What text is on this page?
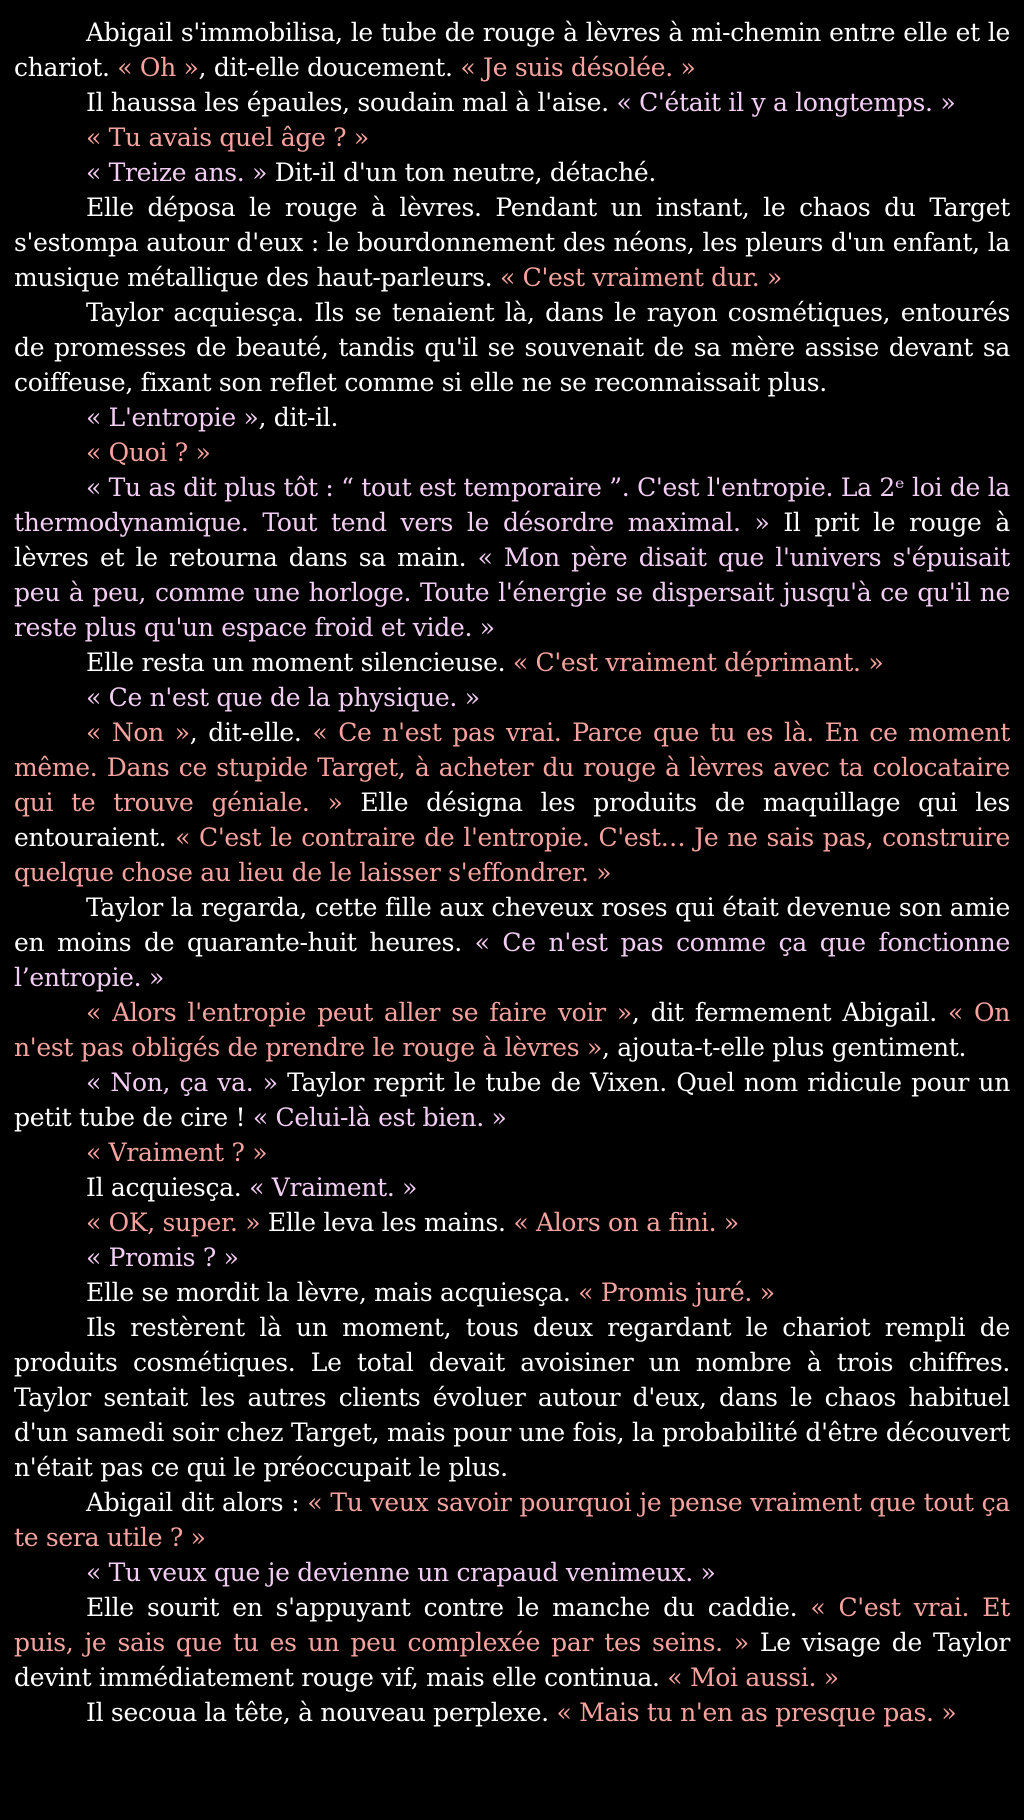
Abigail s'immobilisa, le tube de rouge à lèvres à mi-chemin entre elle et le chariot. « Oh », dit-elle doucement. « Je suis désolée. »

Il haussa les épaules, soudain mal à l'aise. « C'était il y a longtemps. »

« Tu avais quel âge ? »

« Treize ans. » Dit-il d'un ton neutre, détaché.

Elle déposa le rouge à lèvres. Pendant un instant, le chaos du Target s'estompa autour d'eux : le bourdonnement des néons, les pleurs d'un enfant, la musique métallique des haut-parleurs. « C'est vraiment dur. »

Taylor acquiesça. Ils se tenaient là, dans le rayon cosmétiques, entourés de promesses de beauté, tandis qu'il se souvenait de sa mère assise devant sa coiffeuse, fixant son reflet comme si elle ne se reconnaissait plus.

« L'entropie », dit-il.

« Quoi ? »

« Tu as dit plus tôt : “ tout est temporaire ”. C'est l'entropie. La 2ᵉ loi de la thermodynamique. Tout tend vers le désordre maximal. » Il prit le rouge à lèvres et le retourna dans sa main. « Mon père disait que l'univers s'épuisait peu à peu, comme une horloge. Toute l'énergie se dispersait jusqu'à ce qu'il ne reste plus qu'un espace froid et vide. »

Elle resta un moment silencieuse. « C'est vraiment déprimant. »

« Ce n'est que de la physique. »

« Non », dit-elle. « Ce n'est pas vrai. Parce que tu es là. En ce moment même. Dans ce stupide Target, à acheter du rouge à lèvres avec ta colocataire qui te trouve géniale. » Elle désigna les produits de maquillage qui les entouraient. « C'est le contraire de l'entropie. C'est… Je ne sais pas, construire quelque chose au lieu de le laisser s'effondrer. »

Taylor la regarda, cette fille aux cheveux roses qui était devenue son amie en moins de quarante-huit heures. « Ce n'est pas comme ça que fonctionne l’entropie. »

« Alors l'entropie peut aller se faire voir », dit fermement Abigail. « On n'est pas obligés de prendre le rouge à lèvres », ajouta-t-elle plus gentiment.

« Non, ça va. » Taylor reprit le tube de Vixen. Quel nom ridicule pour un petit tube de cire ! « Celui-là est bien. »

« Vraiment ? »

Il acquiesça. « Vraiment. »

« OK, super. » Elle leva les mains. « Alors on a fini. »

« Promis ? »

Elle se mordit la lèvre, mais acquiesça. « Promis juré. »

Ils restèrent là un moment, tous deux regardant le chariot rempli de produits cosmétiques. Le total devait avoisiner un nombre à trois chiffres. Taylor sentait les autres clients évoluer autour d'eux, dans le chaos habituel d'un samedi soir chez Target, mais pour une fois, la probabilité d'être découvert n'était pas ce qui le préoccupait le plus.

Abigail dit alors : « Tu veux savoir pourquoi je pense vraiment que tout ça te sera utile ? »

« Tu veux que je devienne un crapaud venimeux. »

Elle sourit en s'appuyant contre le manche du caddie. « C'est vrai. Et puis, je sais que tu es un peu complexée par tes seins. » Le visage de Taylor devint immédiatement rouge vif, mais elle continua. « Moi aussi. »

Il secoua la tête, à nouveau perplexe. « Mais tu n'en as presque pas. »
